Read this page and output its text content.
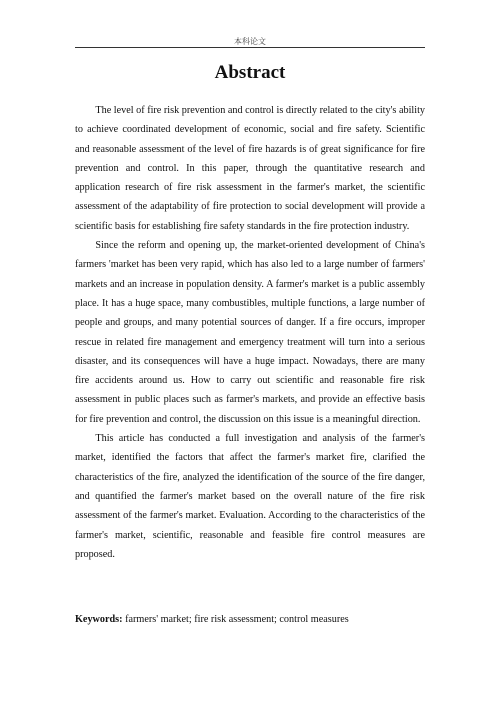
本科论文
Abstract

The level of fire risk prevention and control is directly related to the city's ability to achieve coordinated development of economic, social and fire safety. Scientific and reasonable assessment of the level of fire hazards is of great significance for fire prevention and control. In this paper, through the quantitative research and application research of fire risk assessment in the farmer's market, the scientific assessment of the adaptability of fire protection to social development will provide a scientific basis for establishing fire safety standards in the fire protection industry.

Since the reform and opening up, the market-oriented development of China's farmers 'market has been very rapid, which has also led to a large number of farmers' markets and an increase in population density. A farmer's market is a public assembly place. It has a huge space, many combustibles, multiple functions, a large number of people and groups, and many potential sources of danger. If a fire occurs, improper rescue in related fire management and emergency treatment will turn into a serious disaster, and its consequences will have a huge impact. Nowadays, there are many fire accidents around us. How to carry out scientific and reasonable fire risk assessment in public places such as farmer's markets, and provide an effective basis for fire prevention and control, the discussion on this issue is a meaningful direction.

This article has conducted a full investigation and analysis of the farmer's market, identified the factors that affect the farmer's market fire, clarified the characteristics of the fire, analyzed the identification of the source of the fire danger, and quantified the farmer's market based on the overall nature of the fire risk assessment of the farmer's market. Evaluation. According to the characteristics of the farmer's market, scientific, reasonable and feasible fire control measures are proposed.

Keywords: farmers' market; fire risk assessment; control measures
